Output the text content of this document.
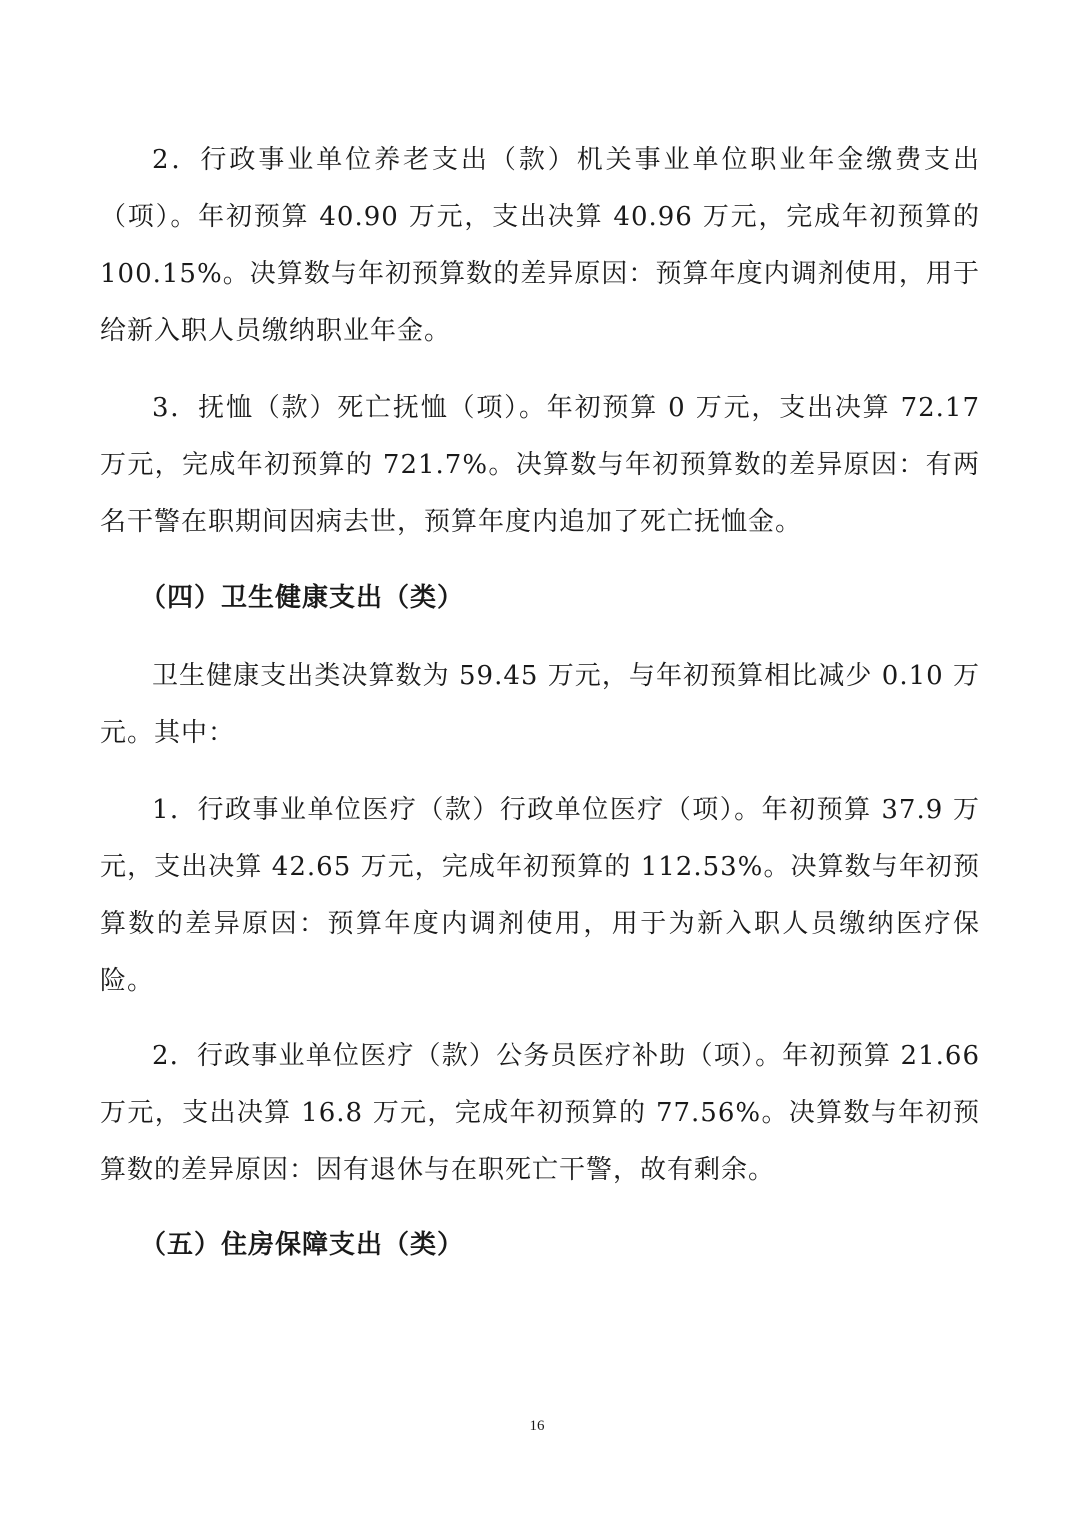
2．行政事业单位养老支出（款）机关事业单位职业年金缴费支出（项）。年初预算 40.90 万元，支出决算 40.96 万元，完成年初预算的 100.15%。决算数与年初预算数的差异原因：预算年度内调剂使用，用于给新入职人员缴纳职业年金。

3．抚恤（款）死亡抚恤（项）。年初预算 0 万元，支出决算 72.17 万元，完成年初预算的 721.7%。决算数与年初预算数的差异原因：有两名干警在职期间因病去世，预算年度内追加了死亡抚恤金。

（四）卫生健康支出（类）

卫生健康支出类决算数为 59.45 万元，与年初预算相比减少 0.10 万元。其中：

1．行政事业单位医疗（款）行政单位医疗（项）。年初预算 37.9 万元，支出决算 42.65 万元，完成年初预算的 112.53%。决算数与年初预算数的差异原因：预算年度内调剂使用，用于为新入职人员缴纳医疗保险。

2．行政事业单位医疗（款）公务员医疗补助（项）。年初预算 21.66 万元，支出决算 16.8 万元，完成年初预算的 77.56%。决算数与年初预算数的差异原因：因有退休与在职死亡干警，故有剩余。

（五）住房保障支出（类）

16
